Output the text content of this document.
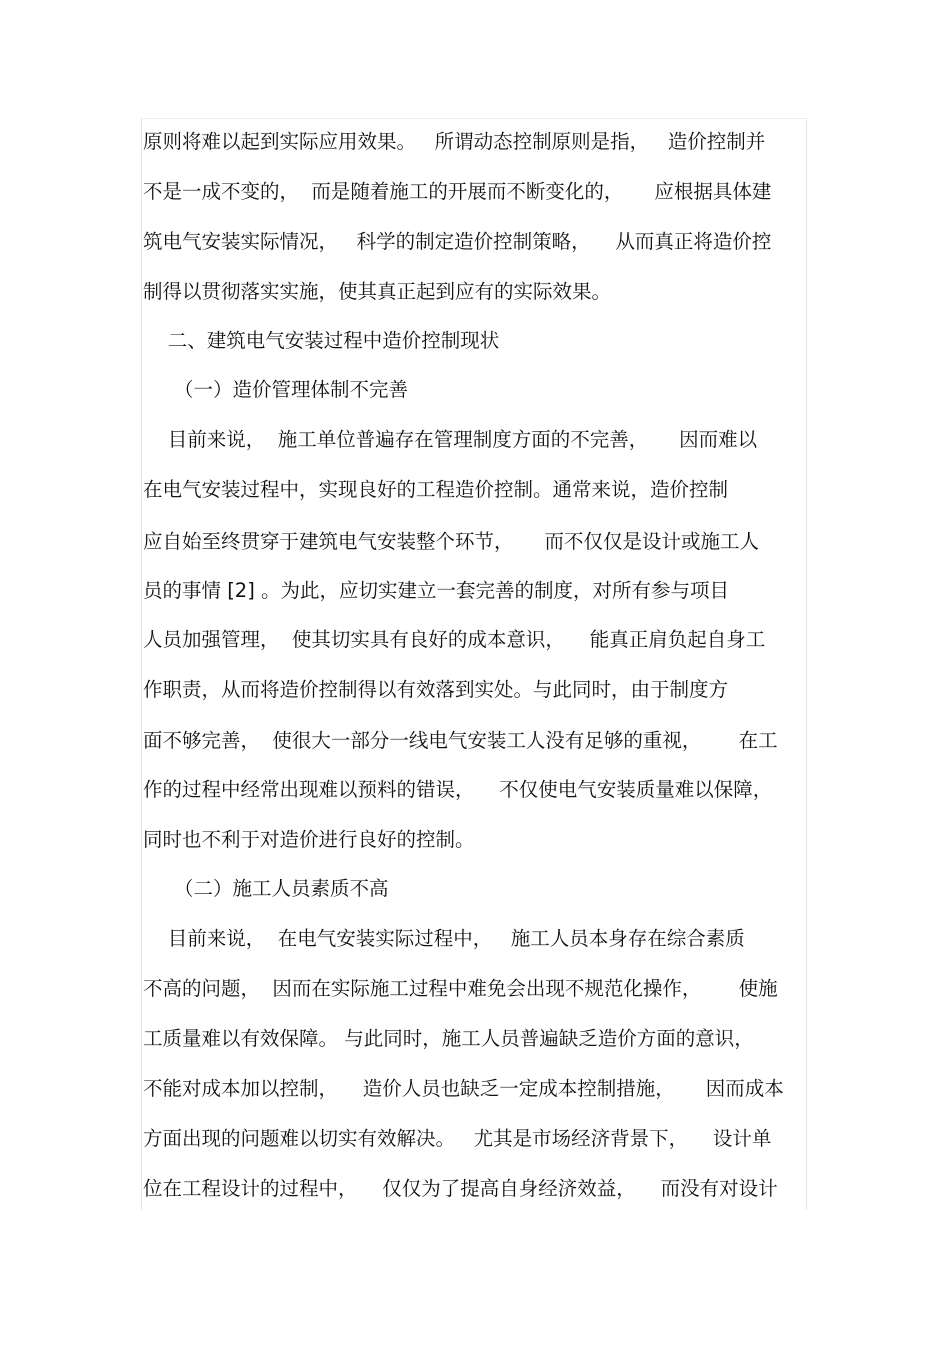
原则将难以起到实际应用效果。   所谓动态控制原则是指，   造价控制并
不是一成不变的，  而是随着施工的开展而不断变化的，     应根据具体建
筑电气安装实际情况，   科学的制定造价控制策略，    从而真正将造价控
制得以贯彻落实实施，使其真正起到应有的实际效果。
二、建筑电气安装过程中造价控制现状
（一）造价管理体制不完善
目前来说，  施工单位普遍存在管理制度方面的不完善，     因而难以
在电气安装过程中，实现良好的工程造价控制。通常来说，造价控制
应自始至终贯穿于建筑电气安装整个环节，     而不仅仅是设计或施工人
员的事情 [2] 。为此，应切实建立一套完善的制度，对所有参与项目
人员加强管理，  使其切实具有良好的成本意识，    能真正肩负起自身工
作职责，从而将造价控制得以有效落到实处。与此同时，由于制度方
面不够完善，  使很大一部分一线电气安装工人没有足够的重视，      在工
作的过程中经常出现难以预料的错误，    不仅使电气安装质量难以保障，
同时也不利于对造价进行良好的控制。
（二）施工人员素质不高
目前来说，  在电气安装实际过程中，   施工人员本身存在综合素质
不高的问题，  因而在实际施工过程中难免会出现不规范化操作，      使施
工质量难以有效保障。 与此同时，施工人员普遍缺乏造价方面的意识，
不能对成本加以控制，    造价人员也缺乏一定成本控制措施，     因而成本
方面出现的问题难以切实有效解决。   尤其是市场经济背景下，    设计单
位在工程设计的过程中，    仅仅为了提高自身经济效益，    而没有对设计
